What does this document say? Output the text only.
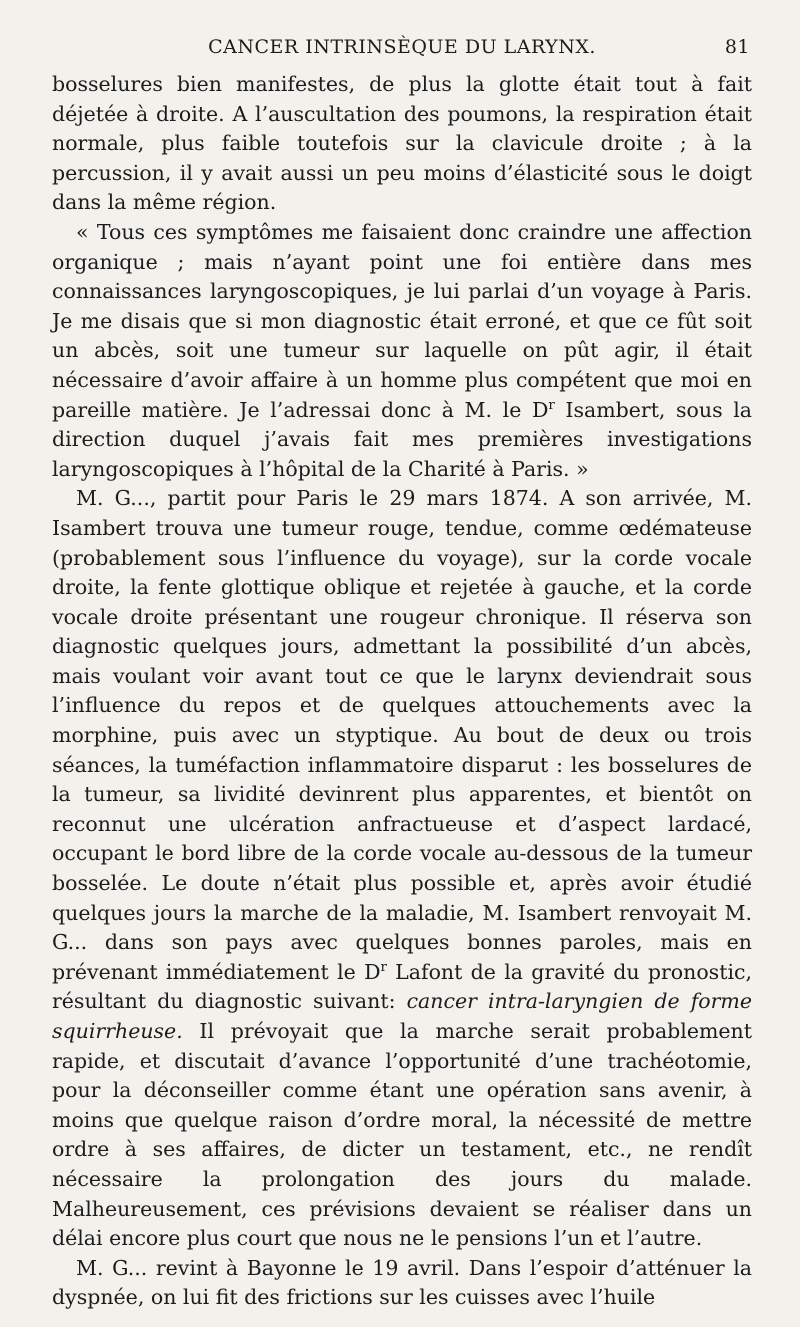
CANCER INTRINSÈQUE DU LARYNX.	81

bosselures bien manifestes, de plus la glotte était tout à fait déjetée à droite. A l’auscultation des poumons, la respiration était normale, plus faible toutefois sur la clavicule droite ; à la percussion, il y avait aussi un peu moins d’élasticité sous le doigt dans la même région.

« Tous ces symptômes me faisaient donc craindre une affection organique ; mais n’ayant point une foi entière dans mes connaissances laryngoscopiques, je lui parlai d’un voyage à Paris. Je me disais que si mon diagnostic était erroné, et que ce fût soit un abcès, soit une tumeur sur laquelle on pût agir, il était nécessaire d’avoir affaire à un homme plus compétent que moi en pareille matière. Je l’adressai donc à M. le $D^r$ Isambert, sous la direction duquel j’avais fait mes premières investigations laryngoscopiques à l’hôpital de la Charité à Paris. »

M. G..., partit pour Paris le 29 mars 1874. A son arrivée, M. Isambert trouva une tumeur rouge, tendue, comme œdémateuse (probablement sous l’influence du voyage), sur la corde vocale droite, la fente glottique oblique et rejetée à gauche, et la corde vocale droite présentant une rougeur chronique. Il réserva son diagnostic quelques jours, admettant la possibilité d’un abcès, mais voulant voir avant tout ce que le larynx deviendrait sous l’influence du repos et de quelques attouchements avec la morphine, puis avec un styptique. Au bout de deux ou trois séances, la tuméfaction inflammatoire disparut : les bosselures de la tumeur, sa lividité devinrent plus apparentes, et bientôt on reconnut une ulcération anfractueuse et d’aspect lardacé, occupant le bord libre de la corde vocale au-dessous de la tumeur bosselée. Le doute n’était plus possible et, après avoir étudié quelques jours la marche de la maladie, M. Isambert renvoyait M. G... dans son pays avec quelques bonnes paroles, mais en prévenant immédiatement le $D^r$ Lafont de la gravité du pronostic, résultant du diagnostic suivant: cancer intra-laryngien de forme squirrheuse. Il prévoyait que la marche serait probablement rapide, et discutait d’avance l’opportunité d’une trachéotomie, pour la déconseiller comme étant une opération sans avenir, à moins que quelque raison d’ordre moral, la nécessité de mettre ordre à ses affaires, de dicter un testament, etc., ne rendît nécessaire la prolongation des jours du malade. Malheureusement, ces prévisions devaient se réaliser dans un délai encore plus court que nous ne le pensions l’un et l’autre.

M. G... revint à Bayonne le 19 avril. Dans l’espoir d’atténuer la dyspnée, on lui fit des frictions sur les cuisses avec l’huile
